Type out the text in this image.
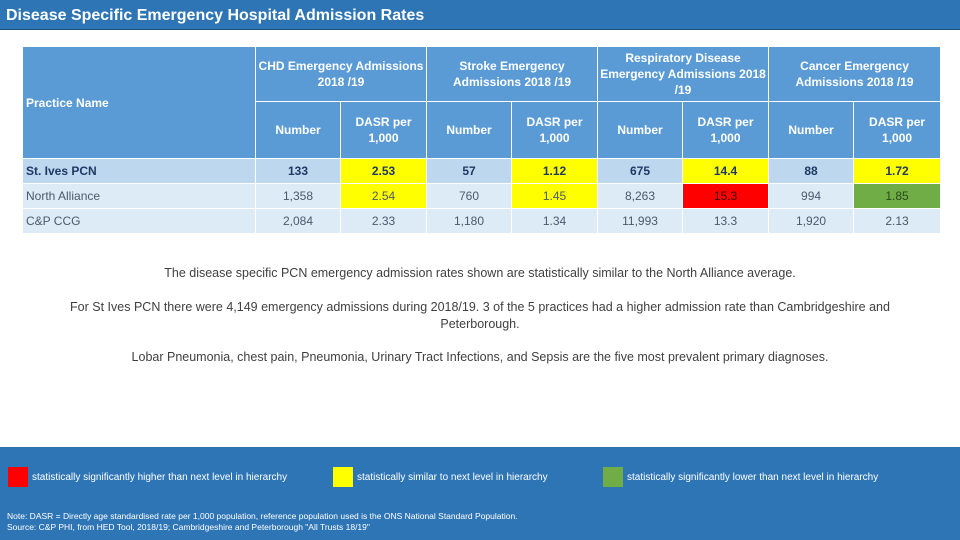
Disease Specific Emergency Hospital Admission Rates
Practice Name	CHD Emergency Admissions 2018 /19		Stroke Emergency Admissions 2018 /19		Respiratory Disease Emergency Admissions 2018 /19		Cancer Emergency Admissions 2018 /19	
	Number	DASR per 1,000	Number	DASR per 1,000	Number	DASR per 1,000	Number	DASR per 1,000
St. Ives PCN	133	2.53	57	1.12	675	14.4	88	1.72
North Alliance	1,358	2.54	760	1.45	8,263	15.3	994	1.85
C&P CCG	2,084	2.33	1,180	1.34	11,993	13.3	1,920	2.13
The disease specific PCN emergency admission rates shown are statistically similar to the North Alliance average.
For St Ives PCN there were 4,149 emergency admissions during 2018/19. 3 of the 5 practices had a higher admission rate than Cambridgeshire and Peterborough.
Lobar Pneumonia, chest pain, Pneumonia, Urinary Tract Infections, and Sepsis are the five most prevalent primary diagnoses.
statistically significantly higher than next level in hierarchy	statistically similar to next level in hierarchy	statistically significantly lower than next level in hierarchy
Note: DASR = Directly age standardised rate per 1,000 population, reference population used is the ONS National Standard Population.
Source: C&P PHI, from HED Tool, 2018/19; Cambridgeshire and Peterborough "All Trusts 18/19"
